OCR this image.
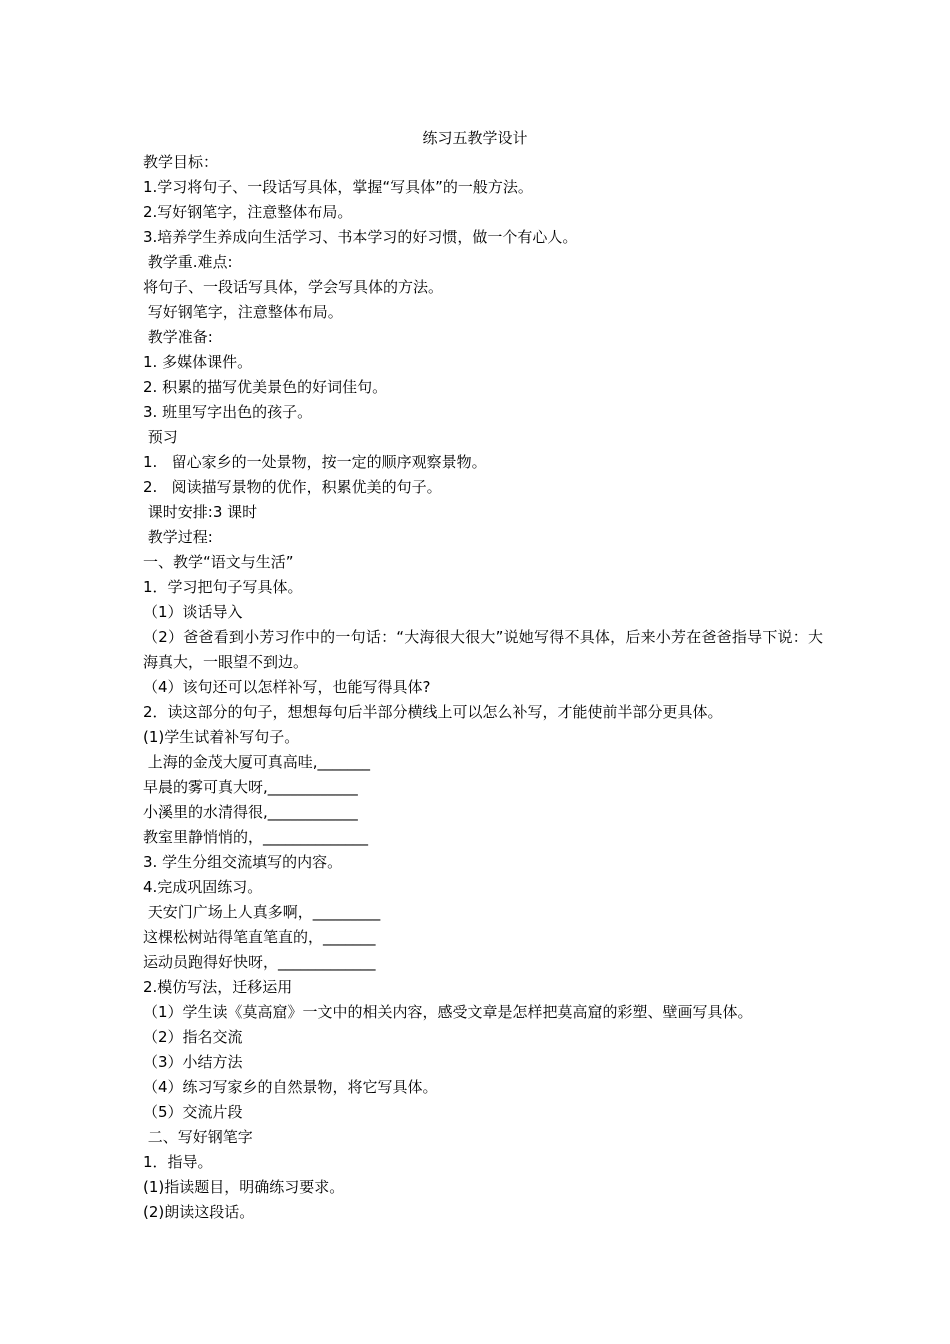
练习五教学设计
教学目标：
1.学习将句子、一段话写具体，掌握“写具体”的一般方法。
2.写好钢笔字，注意整体布局。
3.培养学生养成向生活学习、书本学习的好习惯，做一个有心人。
教学重.难点:
将句子、一段话写具体，学会写具体的方法。
写好钢笔字，注意整体布局。
教学准备:
1. 多媒体课件。
2. 积累的描写优美景色的好词佳句。
3. 班里写字出色的孩子。
预习
1.   留心家乡的一处景物，按一定的顺序观察景物。
2.   阅读描写景物的优作，积累优美的句子。
课时安排:3 课时
教学过程:
一、教学“语文与生活”
1．学习把句子写具体。
（1）谈话导入
（2）爸爸看到小芳习作中的一句话：“大海很大很大”说她写得不具体，后来小芳在爸爸指导下说：大海真大，一眼望不到边。
（4）该句还可以怎样补写，也能写得具体?
2．读这部分的句子，想想每句后半部分横线上可以怎么补写，才能使前半部分更具体。
(1)学生试着补写句子。
上海的金茂大厦可真高哇,_______
早晨的雾可真大呀,____________
小溪里的水清得很,____________
教室里静悄悄的，______________
3. 学生分组交流填写的内容。
4.完成巩固练习。
天安门广场上人真多啊，_________
这棵松树站得笔直笔直的，_______
运动员跑得好快呀，_____________
2.模仿写法，迁移运用
（1）学生读《莫高窟》一文中的相关内容，感受文章是怎样把莫高窟的彩塑、壁画写具体。
（2）指名交流
（3）小结方法
（4）练习写家乡的自然景物，将它写具体。
（5）交流片段
二、写好钢笔字
1．指导。
(1)指读题目，明确练习要求。
(2)朗读这段话。
